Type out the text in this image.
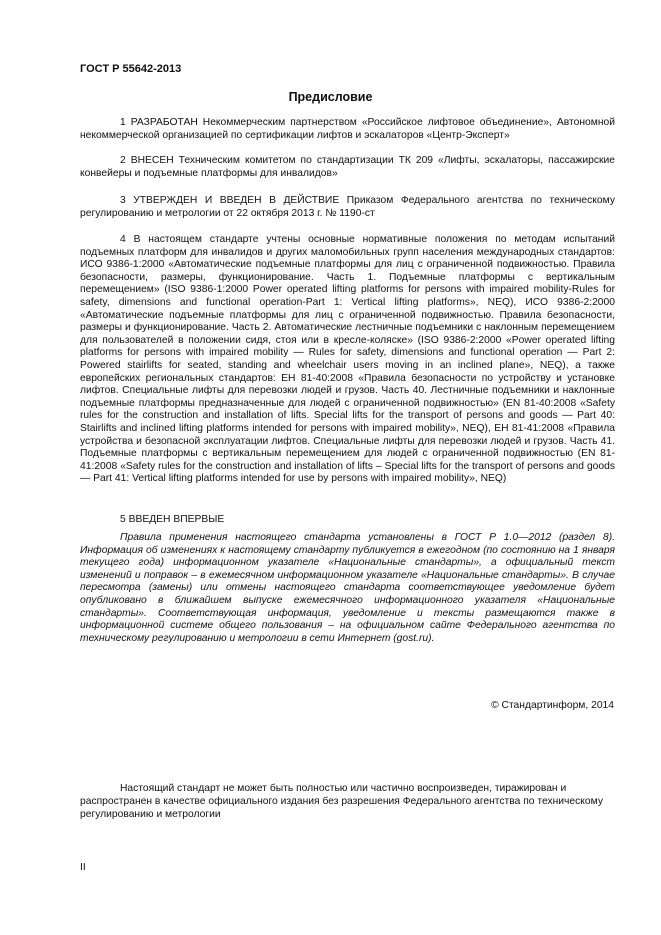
ГОСТ Р 55642-2013

Предисловие

1 РАЗРАБОТАН Некоммерческим партнерством «Российское лифтовое объединение», Автономной некоммерческой организацией по сертификации лифтов и эскалаторов «Центр-Эксперт»

2 ВНЕСЕН Техническим комитетом по стандартизации ТК 209 «Лифты, эскалаторы, пассажирские конвейеры и подъемные платформы для инвалидов»

3 УТВЕРЖДЕН И ВВЕДЕН В ДЕЙСТВИЕ Приказом Федерального агентства по техническому регулированию и метрологии от 22 октября 2013 г. № 1190-ст

4 В настоящем стандарте учтены основные нормативные положения по методам испытаний подъемных платформ для инвалидов и других маломобильных групп населения международных стандартов: ИСО 9386-1:2000 «Автоматические подъемные платформы для лиц с ограниченной подвижностью. Правила безопасности, размеры, функционирование. Часть 1. Подъемные платформы с вертикальным перемещением» (ISO 9386-1:2000 Power operated lifting platforms for persons with impaired mobility-Rules for safety, dimensions and functional operation-Part 1: Vertical lifting platforms», NEQ), ИСО 9386-2:2000 «Автоматические подъемные платформы для лиц с ограниченной подвижностью. Правила безопасности, размеры и функционирование. Часть 2. Автоматические лестничные подъемники с наклонным перемещением для пользователей в положении сидя, стоя или в кресле-коляске» (ISO 9386-2:2000 «Power operated lifting platforms for persons with impaired mobility — Rules for safety, dimensions and functional operation — Part 2: Powered stairlifts for seated, standing and wheelchair users moving in an inclined plane», NEQ), а также европейских региональных стандартов: ЕН 81-40:2008 «Правила безопасности по устройству и установке лифтов. Специальные лифты для перевозки людей и грузов. Часть 40. Лестничные подъемники и наклонные подъемные платформы предназначенные для людей с ограниченной подвижностью» (EN 81-40:2008 «Safety rules for the construction and installation of lifts. Special lifts for the transport of persons and goods — Part 40: Stairlifts and inclined lifting platforms intended for persons with impaired mobility», NEQ), ЕН 81-41:2008 «Правила устройства и безопасной эксплуатации лифтов. Специальные лифты для перевозки людей и грузов. Часть 41. Подъемные платформы с вертикальным перемещением для людей с ограниченной подвижностью (EN 81-41:2008 «Safety rules for the construction and installation of lifts – Special lifts for the transport of persons and goods — Part 41: Vertical lifting platforms intended for use by persons with impaired mobility», NEQ)

5 ВВЕДЕН ВПЕРВЫЕ

Правила применения настоящего стандарта установлены в ГОСТ Р 1.0—2012 (раздел 8). Информация об изменениях к настоящему стандарту публикуется в ежегодном (по состоянию на 1 января текущего года) информационном указателе «Национальные стандарты», а официальный текст изменений и поправок – в ежемесячном информационном указателе «Национальные стандарты». В случае пересмотра (замены) или отмены настоящего стандарта соответствующее уведомление будет опубликовано в ближайшем выпуске ежемесячного информационного указателя «Национальные стандарты». Соответствующая информация, уведомление и тексты размещаются также в информационной системе общего пользования – на официальном сайте Федерального агентства по техническому регулированию и метрологии в сети Интернет (gost.ru).

© Стандартинформ, 2014

Настоящий стандарт не может быть полностью или частично воспроизведен, тиражирован и распространен в качестве официального издания без разрешения Федерального агентства по техническому регулированию и метрологии

II
